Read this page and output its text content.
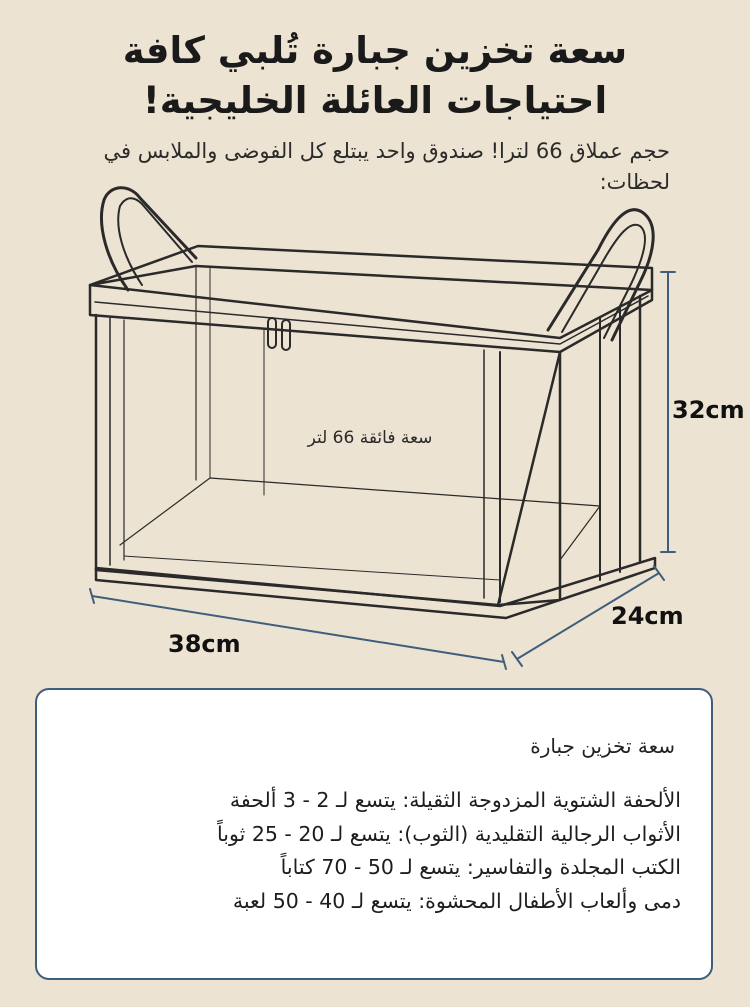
سعة تخزين جبارة تُلبي كافة
احتياجات العائلة الخليجية!
حجم عملاق 66 لترا! صندوق واحد يبتلع كل الفوضى والملابس في لحظات:
سعة فائقة 66 لتر
32cm
24cm
38cm
سعة تخزين جبارة
الألحفة الشتوية المزدوجة الثقيلة: يتسع لـ 2 - 3 ألحفة
الأثواب الرجالية التقليدية (الثوب): يتسع لـ 20 - 25 ثوباً
الكتب المجلدة والتفاسير: يتسع لـ 50 - 70 كتاباً
دمى وألعاب الأطفال المحشوة: يتسع لـ 40 - 50 لعبة
